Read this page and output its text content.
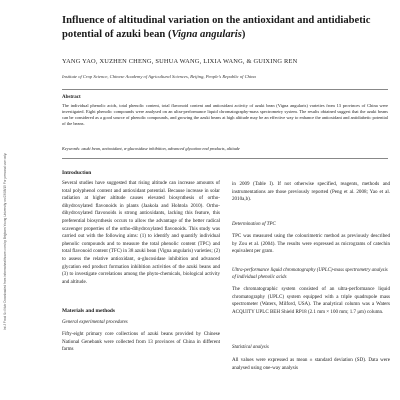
Int J Food Sci Nutr Downloaded from informahealthcare.com by Brigham Young University on 03/08/15 For personal use only.
Influence of altitudinal variation on the antioxidant and antidiabetic potential of azuki bean (Vigna angularis)
YANG YAO, XUZHEN CHENG, SUHUA WANG, LIXIA WANG, & GUIXING REN
Institute of Crop Science, Chinese Academy of Agricultural Sciences, Beijing, People's Republic of China
Abstract
The individual phenolic acids, total phenolic content, total flavonoid content and antioxidant activity of azuki bean (Vigna angularis) varieties from 13 provinces of China were investigated. Eight phenolic compounds were analysed on an ultra-performance liquid chromatography-mass spectrometry system. The results obtained suggest that the azuki beans can be considered as a good source of phenolic compounds, and growing the azuki beans at high altitude may be an effective way to enhance the antioxidant and antidiabetic potential of the beans.
Keywords: azuki bean, antioxidant, α-glucosidase inhibition, advanced glycation end products, altitude
Introduction
Several studies have suggested that rising altitude can increase amounts of total polyphenol content and antioxidant potential. Because increase in solar radiation at higher altitude causes elevated biosynthesis of ortho-dihydroxylated flavonoids in plants (Jaakola and Hohtola 2010). Ortho-dihydroxylated flavonoids is strong antioxidants, lacking this feature, this preferential biosynthesis occurs to allow the advantage of the better radical scavenger properties of the ortho-dihydroxylated flavonoids. This study was carried out with the following aims: (1) to identify and quantify individual phenolic compounds and to measure the total phenolic content (TPC) and total flavonoid content (TFC) in 38 azuki bean (Vigna angularis) varieties; (2) to assess the relative antioxidant, α-glucosidase inhibition and advanced glycation end product formation inhibition activities of the azuki beans and (3) to investigate correlations among the phyto-chemicals, biological activity and altitude.
Materials and methods
General experimental procedures
Fifty-eight primary core collections of azuki beans provided by Chinese National Genebank were collected from 13 provinces of China in different farms
in 2009 (Table I). If not otherwise specified, reagents, methods and instrumentations are those previously reported (Peng et al. 2008; Yao et al. 2010a,b).
Determination of TPC
TPC was measured using the colourimetric method as previously described by Zou et al. (2004). The results were expressed as micrograms of catechin equivalent per gram.
Ultra-performance liquid chromatography (UPLC)-mass spectrometry analysis of individual phenolic acids
The chromatographic system consisted of an ultra-performance liquid chromatography (UPLC) system equipped with a triple quadrupole mass spectrometer (Waters, Milford, USA). The analytical column was a Waters ACQUITY UPLC BEH Shield RP18 (2.1 mm × 100 mm; 1.7 μm) column.
Statistical analysis
All values were expressed as mean ± standard deviation (SD). Data were analysed using one-way analysis
